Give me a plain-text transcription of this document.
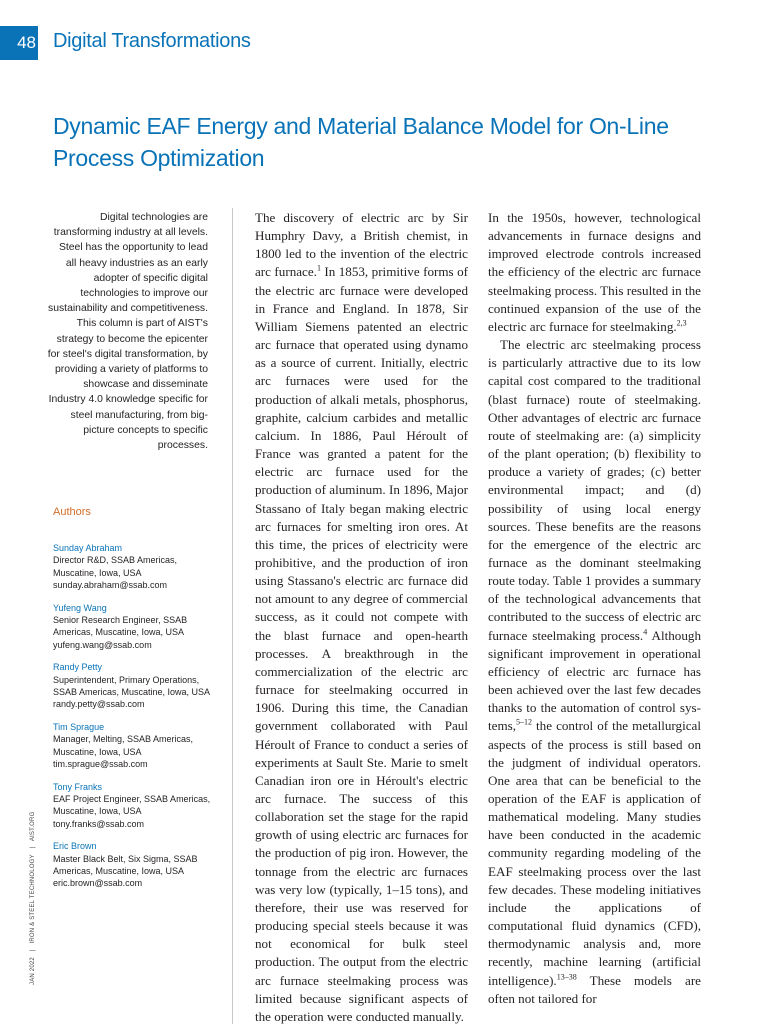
48 Digital Transformations
Dynamic EAF Energy and Material Balance Model for On-Line Process Optimization
Digital technologies are transforming industry at all levels. Steel has the opportunity to lead all heavy industries as an early adopter of specific digital technologies to improve our sustainability and competitiveness. This column is part of AIST's strategy to become the epicenter for steel's digital transformation, by providing a variety of platforms to showcase and disseminate Industry 4.0 knowledge specific for steel manufacturing, from big-picture concepts to specific processes.
Authors
Sunday Abraham
Director R&D, SSAB Americas,
Muscatine, Iowa, USA
sunday.abraham@ssab.com
Yufeng Wang
Senior Research Engineer, SSAB
Americas, Muscatine, Iowa, USA
yufeng.wang@ssab.com
Randy Petty
Superintendent, Primary Operations,
SSAB Americas, Muscatine, Iowa, USA
randy.petty@ssab.com
Tim Sprague
Manager, Melting, SSAB Americas,
Muscatine, Iowa, USA
tim.sprague@ssab.com
Tony Franks
EAF Project Engineer, SSAB Americas,
Muscatine, Iowa, USA
tony.franks@ssab.com
Eric Brown
Master Black Belt, Six Sigma, SSAB
Americas, Muscatine, Iowa, USA
eric.brown@ssab.com
JAN 2022 | IRON & STEEL TECHNOLOGY | AIST.ORG

The discovery of electric arc by Sir Humphry Davy, a British chemist, in 1800 led to the invention of the electric arc furnace.$^1$ In 1853, primitive forms of the electric arc furnace were developed in France and England. In 1878, Sir William Siemens patented an electric arc furnace that operated using dynamo as a source of current. Initially, electric arc furnaces were used for the production of alkali metals, phosphorus, graphite, calcium carbides and metallic calcium. In 1886, Paul Héroult of France was granted a patent for the electric arc furnace used for the production of aluminum. In 1896, Major Stassano of Italy began making electric arc furnaces for smelting iron ores. At this time, the prices of electricity were prohibitive, and the production of iron using Stassano's electric arc furnace did not amount to any degree of commercial success, as it could not compete with the blast furnace and open-hearth processes. A breakthrough in the commercialization of the electric arc furnace for steelmaking occurred in 1906. During this time, the Canadian government collaborated with Paul Héroult of France to conduct a series of experiments at Sault Ste. Marie to smelt Canadian iron ore in Héroult's electric arc furnace. The success of this collaboration set the stage for the rapid growth of using electric arc furnaces for the production of pig iron. However, the tonnage from the electric arc furnaces was very low (typically, 1–15 tons), and therefore, their use was reserved for producing special steels because it was not economical for bulk steel production. The output from the electric arc furnace steelmaking process was limited because significant aspects of the operation were conducted manually.

In the 1950s, however, technological advancements in furnace designs and improved electrode controls increased the efficiency of the electric arc furnace steelmaking process. This resulted in the continued expansion of the use of the electric arc furnace for steelmaking.$^{2,3}$

The electric arc steelmaking process is particularly attractive due to its low capital cost compared to the traditional (blast furnace) route of steelmaking. Other advantages of electric arc furnace route of steelmaking are: (a) simplicity of the plant operation; (b) flexibility to produce a variety of grades; (c) better environmental impact; and (d) possibility of using local energy sources. These benefits are the reasons for the emergence of the electric arc furnace as the dominant steelmaking route today. Table 1 provides a summary of the technological advancements that contributed to the success of electric arc furnace steelmaking process.$^4$ Although significant improvement in operational efficiency of electric arc furnace has been achieved over the last few decades thanks to the automation of control systems,$^{5-12}$ the control of the metallurgical aspects of the process is still based on the judgment of individual operators. One area that can be beneficial to the operation of the EAF is application of mathematical modeling. Many studies have been conducted in the academic community regarding modeling of the EAF steelmaking process over the last few decades. These modeling initiatives include the applications of computational fluid dynamics (CFD), thermodynamic analysis and, more recently, machine learning (artificial intelligence).$^{13-38}$ These models are often not tailored for
